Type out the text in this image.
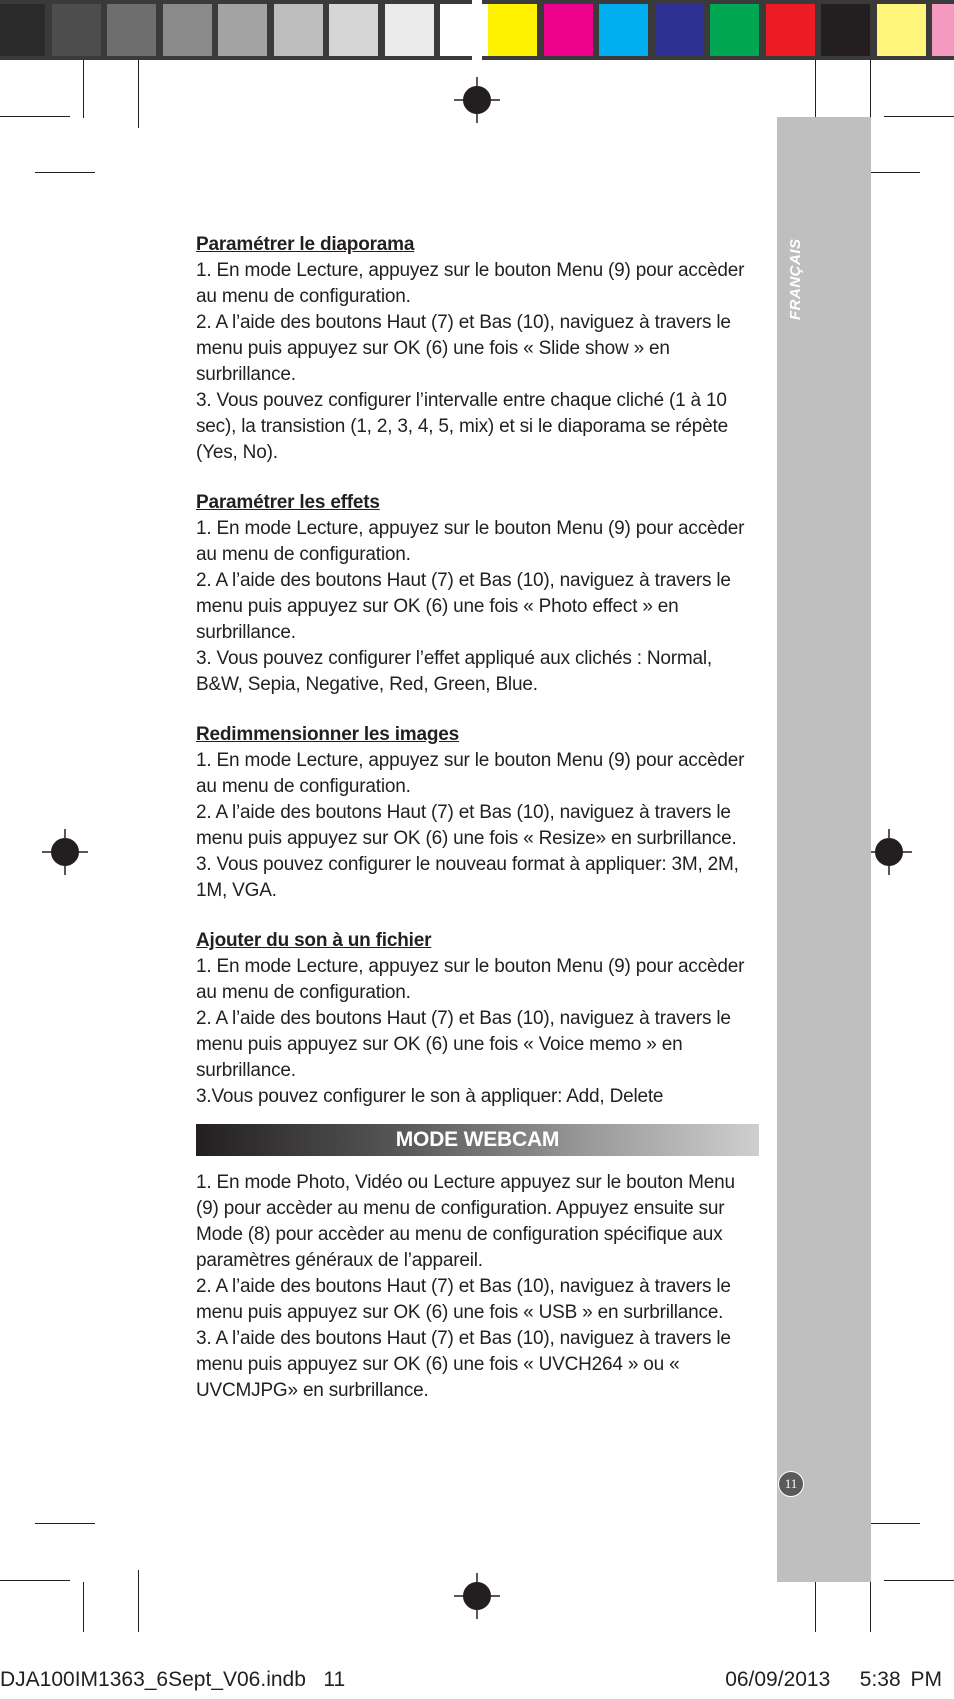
FRANÇAIS
11
Paramétrer le diaporama

1. En mode Lecture, appuyez sur le bouton Menu (9) pour accèder au menu de configuration.

2. A l’aide des boutons Haut (7) et Bas (10), naviguez à travers le menu puis appuyez sur OK (6) une fois « Slide show » en surbrillance.

3. Vous pouvez configurer l’intervalle entre chaque cliché (1 à 10 sec), la transistion (1, 2, 3, 4, 5, mix) et si le diaporama se répète (Yes, No).

Paramétrer les effets

1. En mode Lecture, appuyez sur le bouton Menu (9) pour accèder au menu de configuration.

2. A l’aide des boutons Haut (7) et Bas (10), naviguez à travers le menu puis appuyez sur OK (6) une fois « Photo effect » en surbrillance.

3. Vous pouvez configurer l’effet appliqué aux clichés : Normal, B&W, Sepia, Negative, Red, Green, Blue.

Redimmensionner les images

1. En mode Lecture, appuyez sur le bouton Menu (9) pour accèder au menu de configuration.

2. A l’aide des boutons Haut (7) et Bas (10), naviguez à travers le menu puis appuyez sur OK (6) une fois « Resize» en surbrillance.

3. Vous pouvez configurer le nouveau format à appliquer: 3M, 2M, 1M, VGA.

Ajouter du son à un fichier

1. En mode Lecture, appuyez sur le bouton Menu (9) pour accèder au menu de configuration.

2. A l’aide des boutons Haut (7) et Bas (10), naviguez à travers le menu puis appuyez sur OK (6) une fois « Voice memo » en surbrillance.

3.Vous pouvez configurer le son à appliquer: Add, Delete

MODE WEBCAM

1. En mode Photo, Vidéo ou Lecture appuyez sur le bouton Menu (9) pour accèder au menu de configuration. Appuyez ensuite sur Mode (8) pour accèder au menu de configuration spécifique aux paramètres généraux de l’appareil.

2. A l’aide des boutons Haut (7) et Bas (10), naviguez à travers le menu puis appuyez sur OK (6) une fois « USB » en surbrillance.

3. A l’aide des boutons Haut (7) et Bas (10), naviguez à travers le menu puis appuyez sur OK (6) une fois « UVCH264 » ou « UVCMJPG» en surbrillance.

DJA100IM1363_6Sept_V06.indb   11	06/09/2013   5:38 PM
